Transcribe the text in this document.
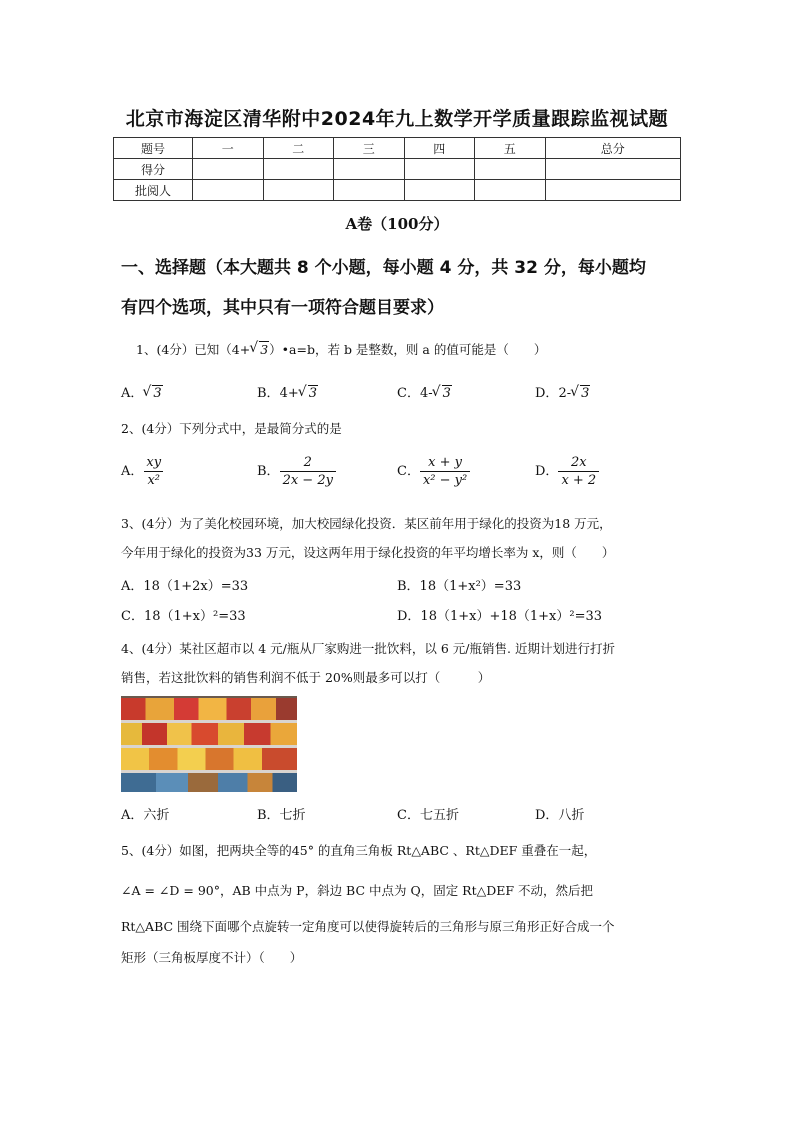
北京市海淀区清华附中2024年九上数学开学质量跟踪监视试题
题号	一	二	三	四	五	总分
得分						
批阅人						
A卷（100分）
一、选择题（本大题共 8 个小题，每小题 4 分，共 32 分，每小题均
有四个选项，其中只有一项符合题目要求）
1、(4分）已知（4+ √ 3）•a=b，若 b 是整数，则 a 的值可能是（　　）
A． √ 3	B．4+ √ 3	C．4- √ 3	D．2- √ 3
2、(4分）下列分式中，是最简分式的是
A． $\frac{xy}{\text{x²}}$	B． $\frac{2}{2x - 2y}$	C． $\frac{x + y}{\text{x² − y²}}$	D． $\frac{2x}{x + 2}$
3、(4分）为了美化校园环境，加大校园绿化投资．某区前年用于绿化的投资为18 万元，
今年用于绿化的投资为33 万元，设这两年用于绿化投资的年平均增长率为 x，则（　　）
A．18（1+2x）=33	B．18（1+x²）=33
C．18（1+x）²=33	D．18（1+x）+18（1+x）²=33
4、(4分）某社区超市以 4 元/瓶从厂家购进一批饮料，以 6 元/瓶销售. 近期计划进行打折
销售，若这批饮料的销售利润不低于 20%则最多可以打（　　　）
A．六折	B．七折	C．七五折	D．八折
5、(4分）如图，把两块全等的45° 的直角三角板 Rt△ABC 、Rt△DEF 重叠在一起，
∠A = ∠D = 90°，AB 中点为 P，斜边 BC 中点为 Q，固定 Rt△DEF 不动，然后把
Rt△ABC 围绕下面哪个点旋转一定角度可以使得旋转后的三角形与原三角形正好合成一个
矩形（三角板厚度不计）（　　）
